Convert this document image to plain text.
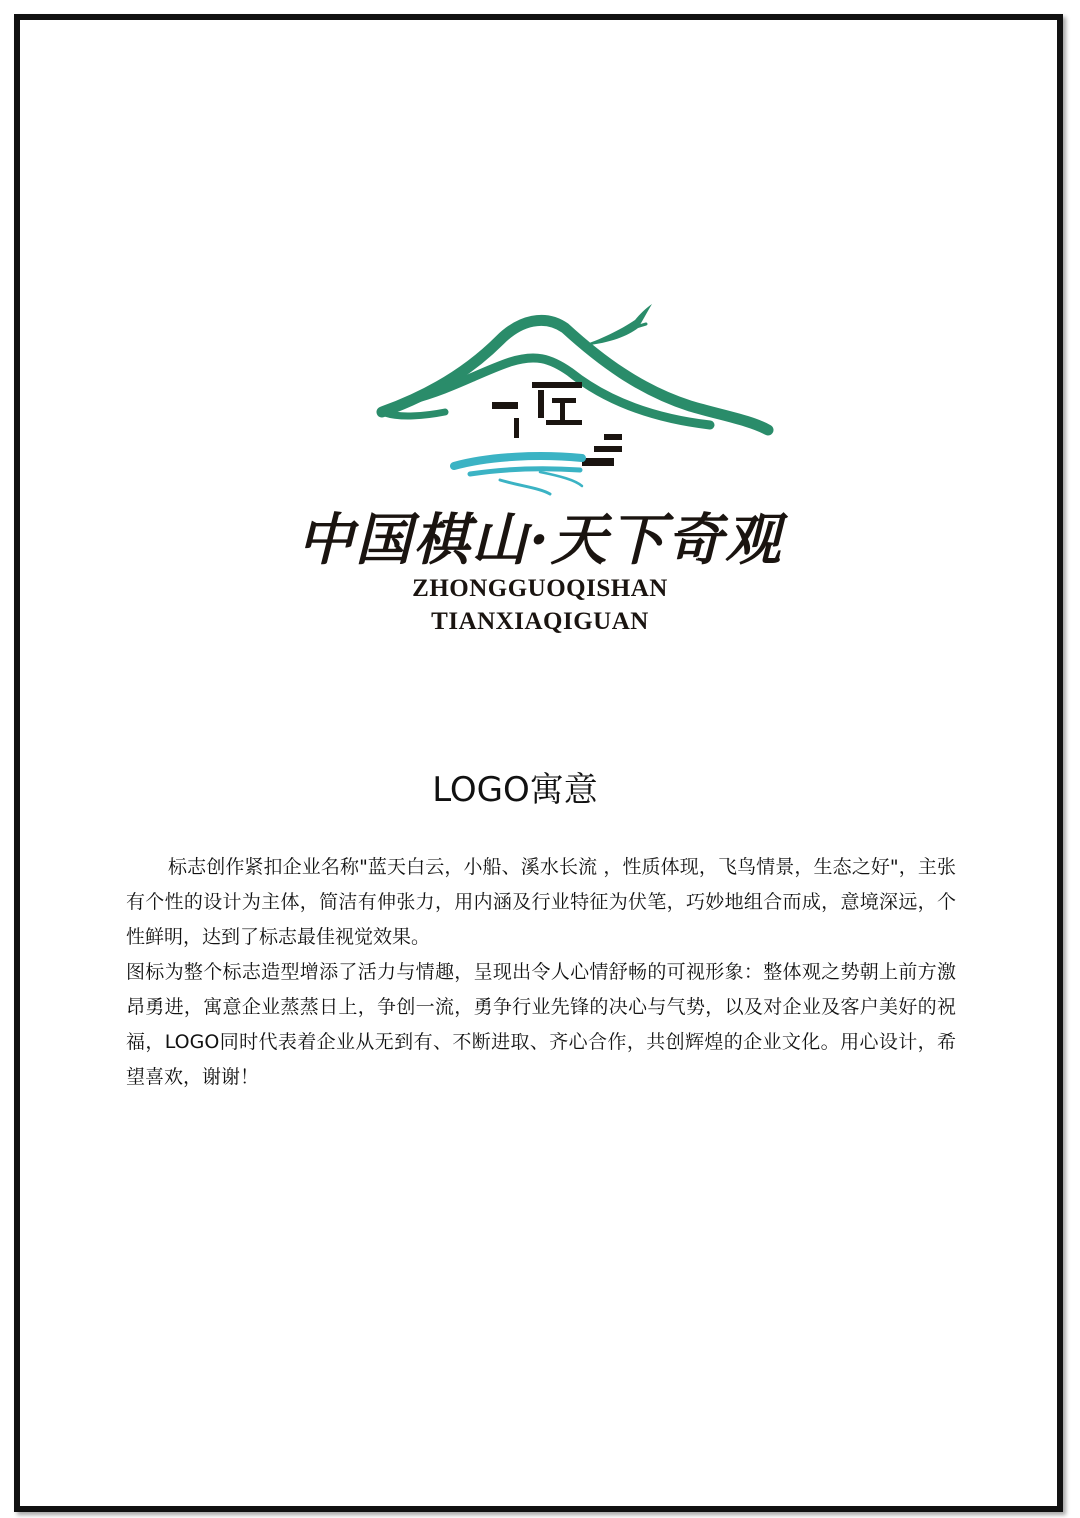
中国棋山·天下奇观
ZHONGGUOQISHAN
TIANXIAQIGUAN
LOGO寓意

标志创作紧扣企业名称"蓝天白云，小船、溪水长流 ，性质体现，飞鸟情景，生态之好"，主张有个性的设计为主体，简洁有伸张力，用内涵及行业特征为伏笔，巧妙地组合而成，意境深远，个性鲜明，达到了标志最佳视觉效果。

图标为整个标志造型增添了活力与情趣，呈现出令人心情舒畅的可视形象：整体观之势朝上前方激昂勇进，寓意企业蒸蒸日上，争创一流，勇争行业先锋的决心与气势，以及对企业及客户美好的祝福，LOGO同时代表着企业从无到有、不断进取、齐心合作，共创辉煌的企业文化。用心设计，希望喜欢，谢谢！
